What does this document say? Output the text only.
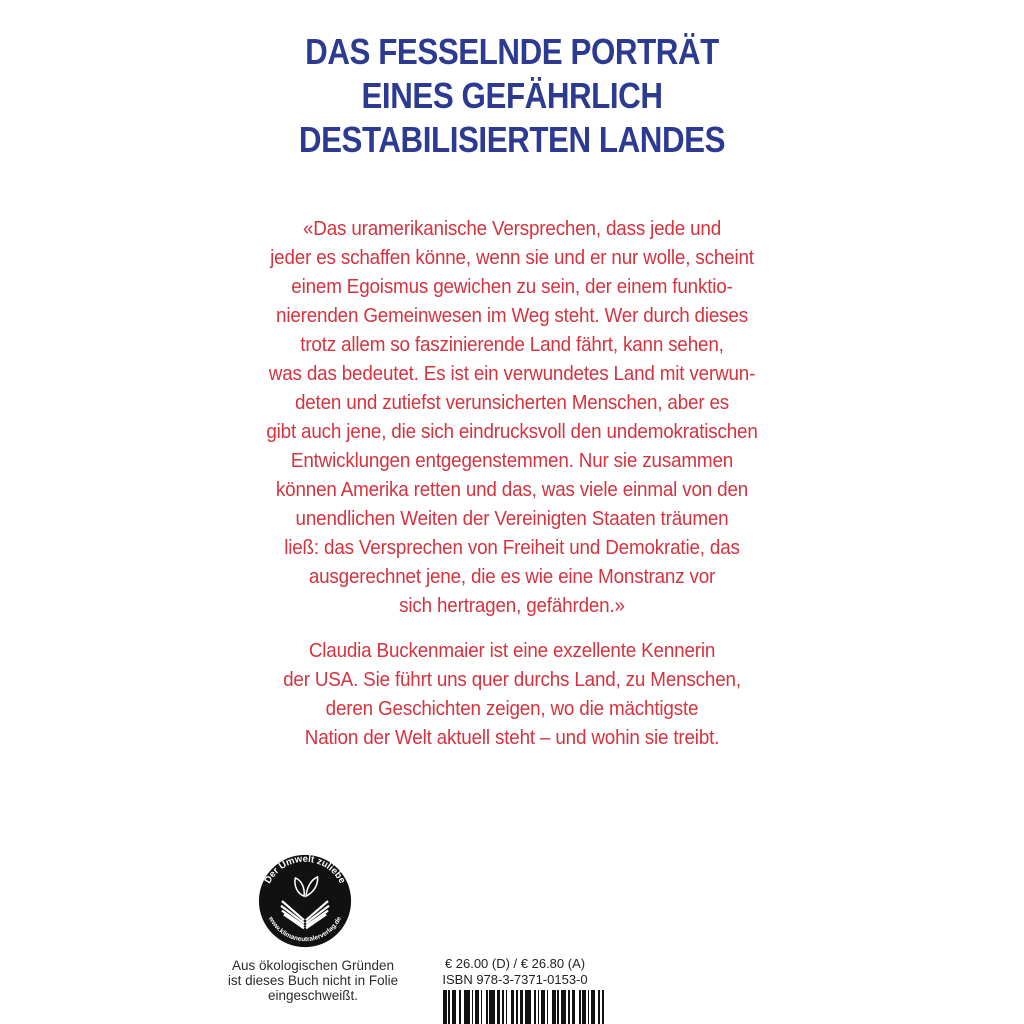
DAS FESSELNDE PORTRÄT
EINES GEFÄHRLICH
DESTABILISIERTEN LANDES
«Das uramerikanische Versprechen, dass jede und
jeder es schaffen könne, wenn sie und er nur wolle, scheint
einem Egoismus gewichen zu sein, der einem funktio-
nierenden Gemeinwesen im Weg steht. Wer durch dieses
trotz allem so faszinierende Land fährt, kann sehen,
was das bedeutet. Es ist ein verwundetes Land mit verwun-
deten und zutiefst verunsicherten Menschen, aber es
gibt auch jene, die sich eindrucksvoll den undemokratischen
Entwicklungen entgegenstemmen. Nur sie zusammen
können Amerika retten und das, was viele einmal von den
unendlichen Weiten der Vereinigten Staaten träumen
ließ: das Versprechen von Freiheit und Demokratie, das
ausgerechnet jene, die es wie eine Monstranz vor
sich hertragen, gefährden.»
Claudia Buckenmaier ist eine exzellente Kennerin
der USA. Sie führt uns quer durchs Land, zu Menschen,
deren Geschichten zeigen, wo die mächtigste
Nation der Welt aktuell steht – und wohin sie treibt.
Der Umwelt zuliebe
www.klimaneutralerverlag.de
Aus ökologischen Gründen
ist dieses Buch nicht in Folie
eingeschweißt.
€ 26.00 (D) / € 26.80 (A)
ISBN 978-3-7371-0153-0
